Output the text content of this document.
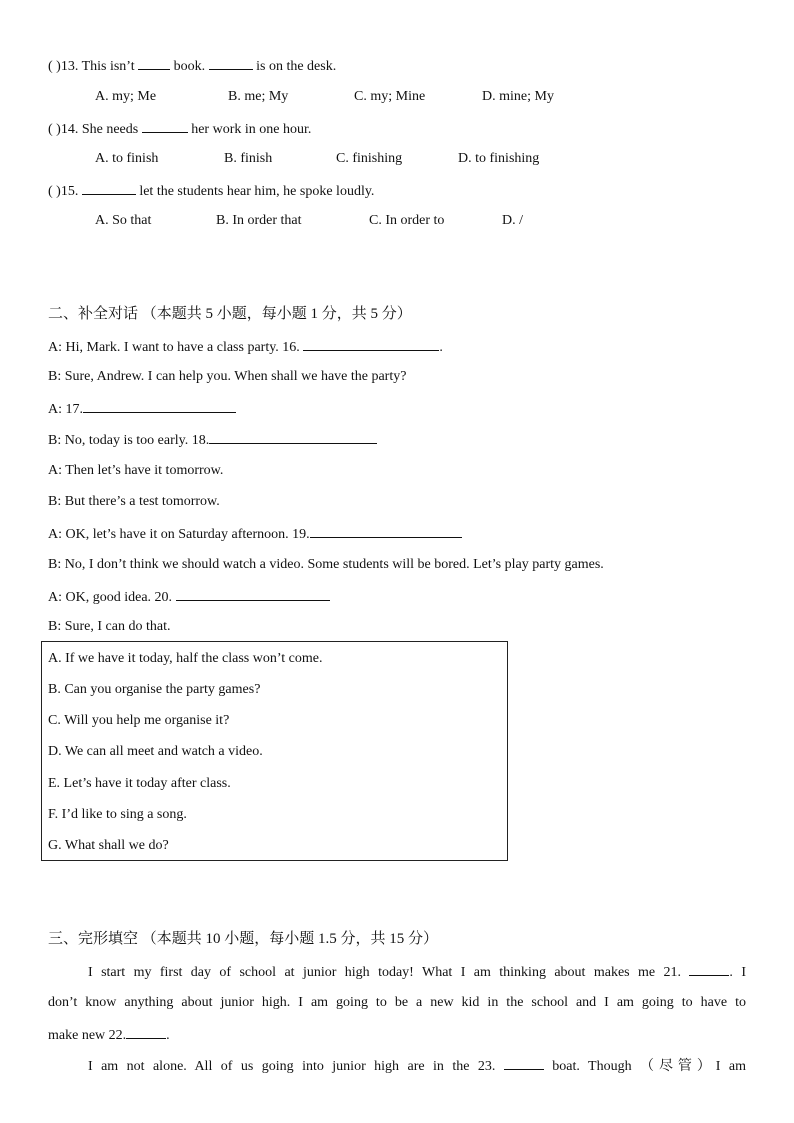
( )13. This isn’t  book.	is on the desk.
A. my; Me	B. me; My	C. my; Mine	D. mine; My
( )14. She needs	her work in one hour.
A. to finish	B. finish	C. finishing	D. to finishing
( )15.	let the students hear him, he spoke loudly.
A. So that	B. In order that	C. In order to	D. /
二、补全对话 （本题共 5 小题，每小题 1 分，共 5 分）
A: Hi, Mark. I want to have a class party. 16.	.
B: Sure, Andrew. I can help you. When shall we have the party?
A: 17.
B: No, today is too early. 18.
A: Then let’s have it tomorrow.
B: But there’s a test tomorrow.
A: OK, let’s have it on Saturday afternoon. 19.
B: No, I don’t think we should watch a video. Some students will be bored. Let’s play party games.
A: OK, good idea. 20.
B: Sure, I can do that.
A. If we have it today, half the class won’t come.
B. Can you organise the party games?
C. Will you help me organise it?
D. We can all meet and watch a video.
E. Let’s have it today after class.
F. I’d like to sing a song.
G. What shall we do?
三、完形填空 （本题共 10 小题，每小题 1.5 分，共 15 分）
I start my first day of school at junior high today! What I am thinking about makes me 21.	. I
don’t know anything about junior high. I am going to be a new kid in the school and I am going to have to
make new 22.	.
I am not alone. All of us going into junior high are in the 23.	boat. Though （尽管）I am
